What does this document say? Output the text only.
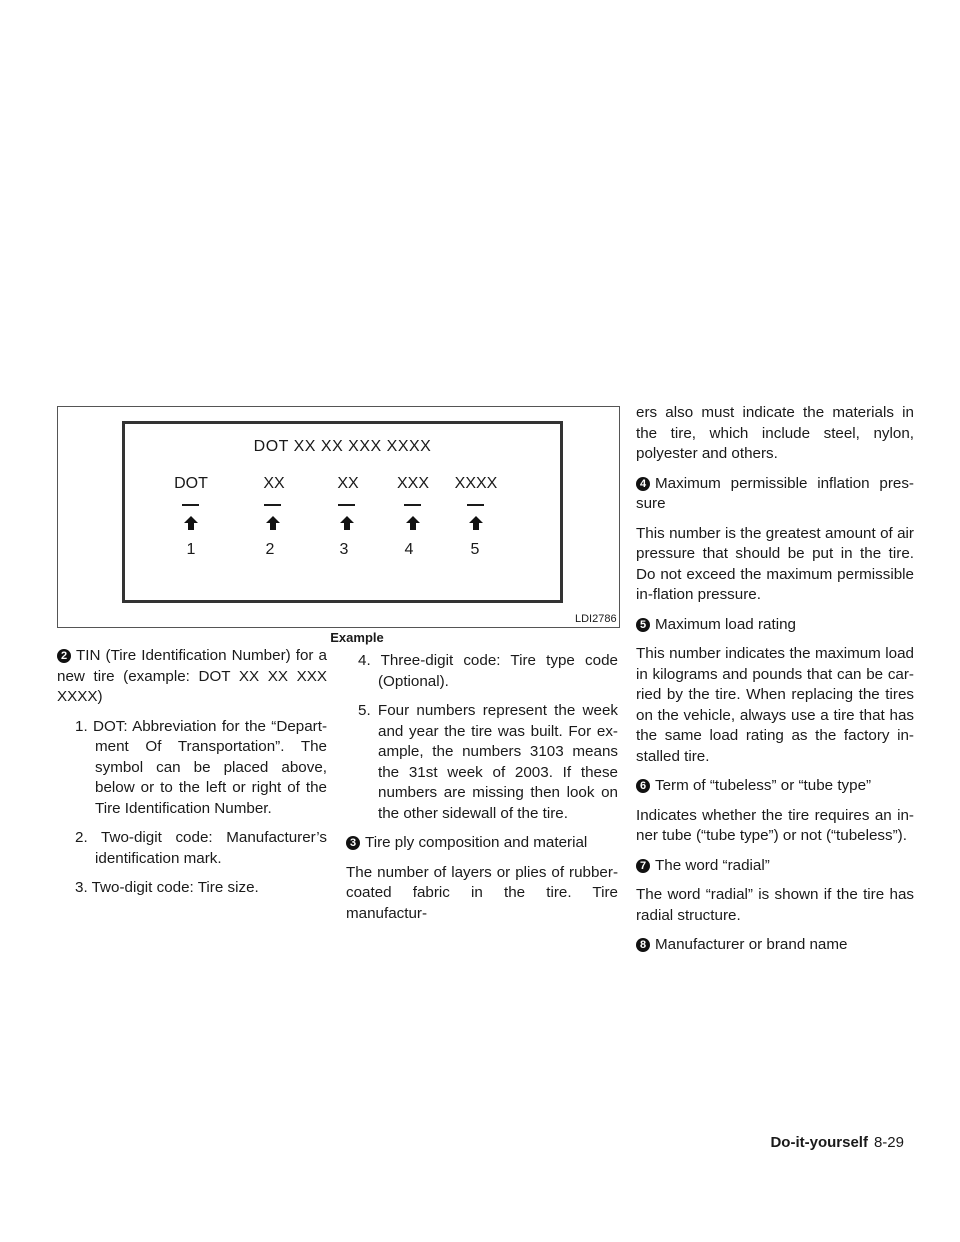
DOT XX XX XXX XXXX
DOT	XX	XX	XXX	XXXX
1	2	3	4	5
LDI2786
Example

2 TIN (Tire Identification Number) for a new tire (example: DOT XX XX XXX XXXX)

1. DOT: Abbreviation for the “Depart-ment Of Transportation”. The symbol can be placed above, below or to the left or right of the Tire Identification Number.

2. Two-digit code: Manufacturer’s identification mark.

3. Two-digit code: Tire size.

4. Three-digit code: Tire type code (Optional).

5. Four numbers represent the week and year the tire was built. For ex-ample, the numbers 3103 means the 31st week of 2003. If these numbers are missing then look on the other sidewall of the tire.

3 Tire ply composition and material

The number of layers or plies of rubber-coated fabric in the tire. Tire manufactur-

ers also must indicate the materials in the tire, which include steel, nylon, polyester and others.

4 Maximum permissible inflation pres-sure

This number is the greatest amount of air pressure that should be put in the tire. Do not exceed the maximum permissible in-flation pressure.

5 Maximum load rating

This number indicates the maximum load in kilograms and pounds that can be car-ried by the tire. When replacing the tires on the vehicle, always use a tire that has the same load rating as the factory in-stalled tire.

6 Term of “tubeless” or “tube type”

Indicates whether the tire requires an in-ner tube (“tube type”) or not (“tubeless”).

7 The word “radial”

The word “radial” is shown if the tire has radial structure.

8 Manufacturer or brand name

Do-it-yourself 8-29
